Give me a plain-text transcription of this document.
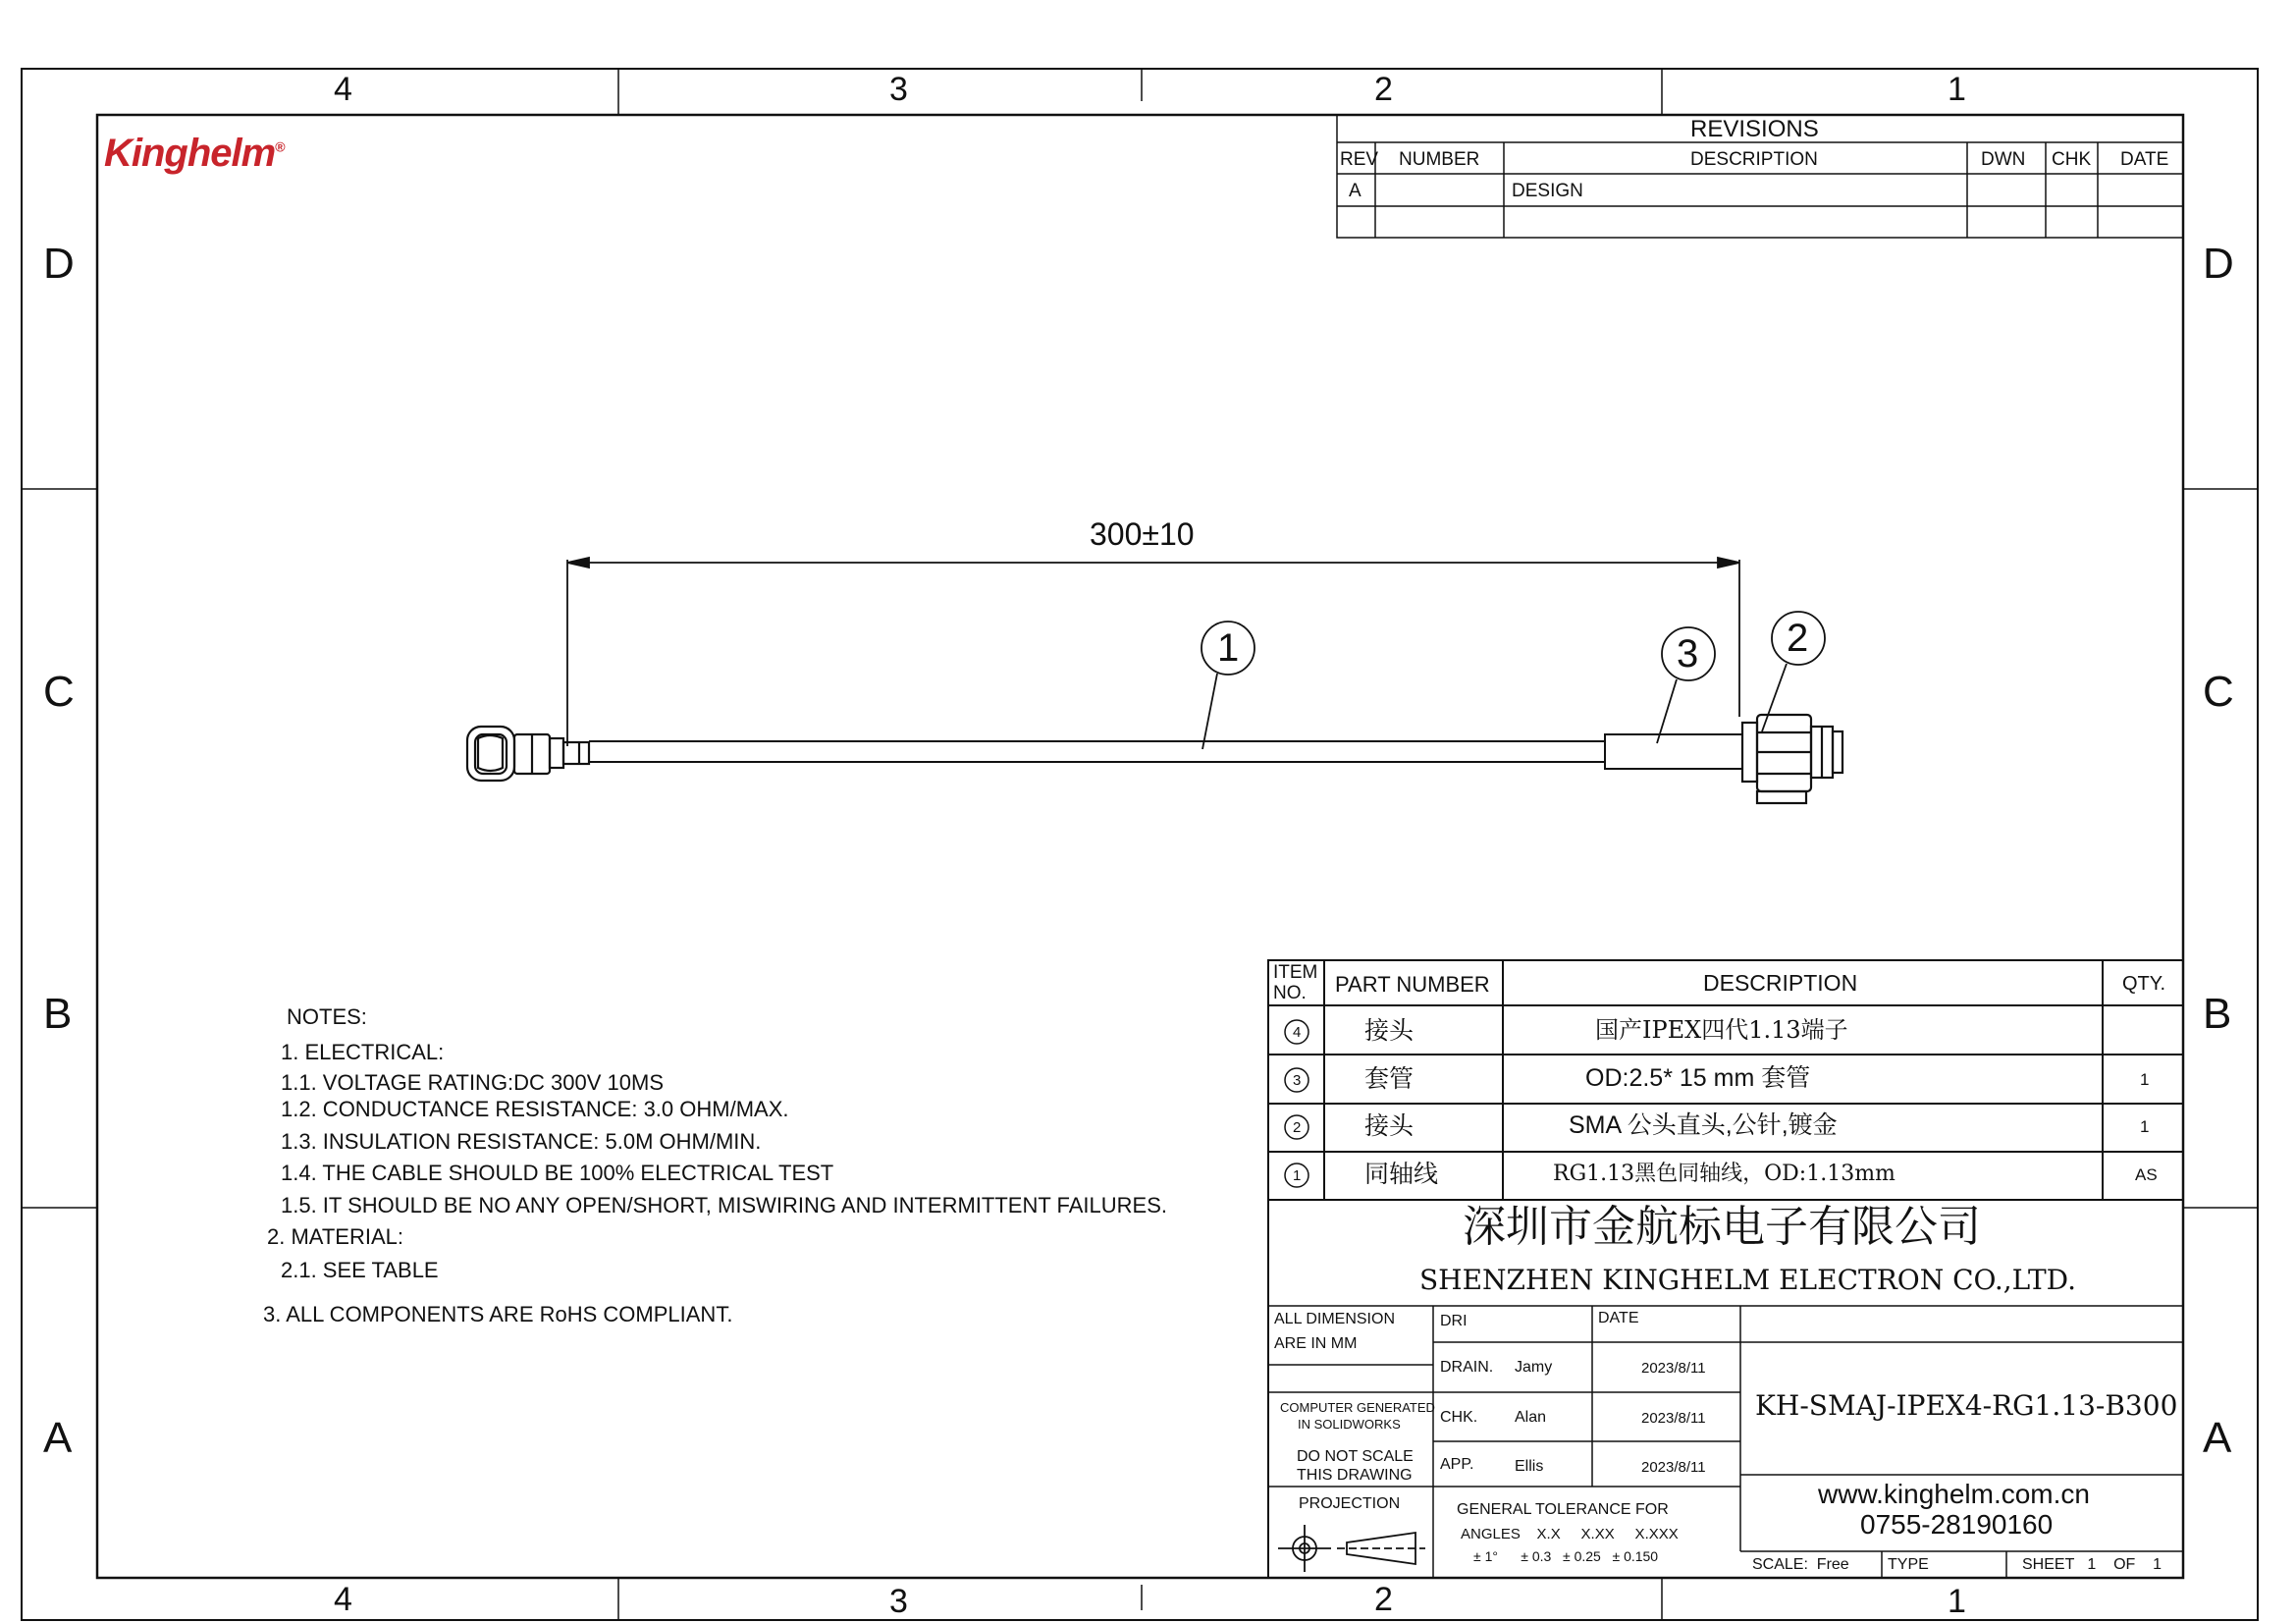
4	3	2	1
4	3	2	1
D
C
B
A
D
C
B
A
Kinghelm®
REVISIONS
REV NUMBER	DESCRIPTION	DWN CHK DATE
A	DESIGN
300±10
1	3 2
NOTES:
1. ELECTRICAL:
1.1. VOLTAGE RATING:DC 300V 10MS
1.2. CONDUCTANCE RESISTANCE: 3.0 OHM/MAX.
1.3. INSULATION RESISTANCE: 5.0M OHM/MIN.
1.4. THE CABLE SHOULD BE 100% ELECTRICAL TEST
1.5. IT SHOULD BE NO ANY OPEN/SHORT, MISWIRING AND INTERMITTENT FAILURES.
2. MATERIAL:
2.1. SEE TABLE
3. ALL COMPONENTS ARE RoHS COMPLIANT.
ITEM
NO. PART NUMBER	DESCRIPTION	QTY.
4	接头	国产IPEX四代1.13端子
3	套管	OD:2.5* 15 mm 套管	1
2	接头	SMA 公头直头,公针,镀金	1
1	同轴线	RG1.13黑色同轴线，OD:1.13mm	AS
深圳市金航标电子有限公司
SHENZHEN KINGHELM ELECTRON CO.,LTD.
ALL DIMENSION
ARE IN MM
DRI	DATE
DRAIN. Jamy	2023/8/11
CHK. Alan	2023/8/11
APP.	Ellis	2023/8/11
COMPUTER GENERATED
IN SOLIDWORKS
DO NOT SCALE
THIS DRAWING
PROJECTION	GENERAL TOLERANCE FOR
ANGLES    X.X     X.XX     X.XXX
± 1°      ± 0.3   ± 0.25   ± 0.150
KH-SMAJ-IPEX4-RG1.13-B300
www.kinghelm.com.cn
0755-28190160
SCALE:  Free TYPE	SHEET   1    OF    1
